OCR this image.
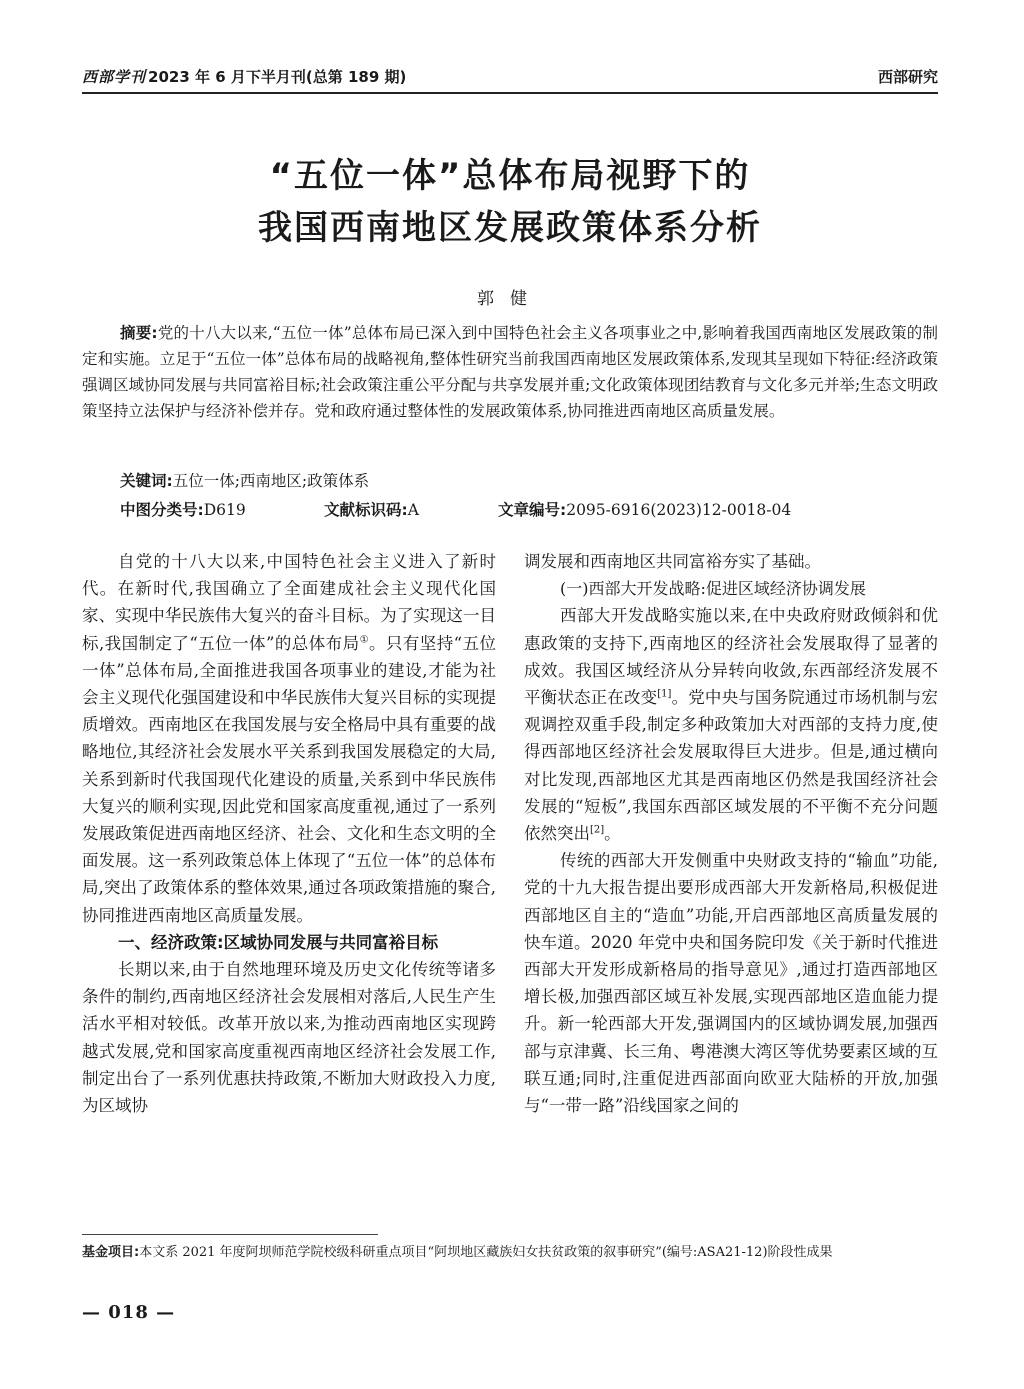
西部学刊 2023 年 6 月下半月刊(总第 189 期)	西部研究
“五位一体”总体布局视野下的
我国西南地区发展政策体系分析
郭健

摘要:党的十八大以来,“五位一体”总体布局已深入到中国特色社会主义各项事业之中,影响着我国西南地区发展政策的制定和实施。立足于“五位一体”总体布局的战略视角,整体性研究当前我国西南地区发展政策体系,发现其呈现如下特征:经济政策强调区域协同发展与共同富裕目标;社会政策注重公平分配与共享发展并重;文化政策体现团结教育与文化多元并举;生态文明政策坚持立法保护与经济补偿并存。党和政府通过整体性的发展政策体系,协同推进西南地区高质量发展。

关键词:五位一体;西南地区;政策体系
中图分类号:D619	文献标识码:A	文章编号:2095-6916(2023)12-0018-04

自党的十八大以来,中国特色社会主义进入了新时代。在新时代,我国确立了全面建成社会主义现代化国家、实现中华民族伟大复兴的奋斗目标。为了实现这一目标,我国制定了“五位一体”的总体布局①。只有坚持“五位一体”总体布局,全面推进我国各项事业的建设,才能为社会主义现代化强国建设和中华民族伟大复兴目标的实现提质增效。西南地区在我国发展与安全格局中具有重要的战略地位,其经济社会发展水平关系到我国发展稳定的大局,关系到新时代我国现代化建设的质量,关系到中华民族伟大复兴的顺利实现,因此党和国家高度重视,通过了一系列发展政策促进西南地区经济、社会、文化和生态文明的全面发展。这一系列政策总体上体现了“五位一体”的总体布局,突出了政策体系的整体效果,通过各项政策措施的聚合,协同推进西南地区高质量发展。

一、经济政策:区域协同发展与共同富裕目标

长期以来,由于自然地理环境及历史文化传统等诸多条件的制约,西南地区经济社会发展相对落后,人民生产生活水平相对较低。改革开放以来,为推动西南地区实现跨越式发展,党和国家高度重视西南地区经济社会发展工作,制定出台了一系列优惠扶持政策,不断加大财政投入力度,为区域协

调发展和西南地区共同富裕夯实了基础。

(一)西部大开发战略:促进区域经济协调发展

西部大开发战略实施以来,在中央政府财政倾斜和优惠政策的支持下,西南地区的经济社会发展取得了显著的成效。我国区域经济从分异转向收敛,东西部经济发展不平衡状态正在改变[1]。党中央与国务院通过市场机制与宏观调控双重手段,制定多种政策加大对西部的支持力度,使得西部地区经济社会发展取得巨大进步。但是,通过横向对比发现,西部地区尤其是西南地区仍然是我国经济社会发展的“短板”,我国东西部区域发展的不平衡不充分问题依然突出[2]。

传统的西部大开发侧重中央财政支持的“输血”功能,党的十九大报告提出要形成西部大开发新格局,积极促进西部地区自主的“造血”功能,开启西部地区高质量发展的快车道。2020 年党中央和国务院印发《关于新时代推进西部大开发形成新格局的指导意见》,通过打造西部地区增长极,加强西部区域互补发展,实现西部地区造血能力提升。新一轮西部大开发,强调国内的区域协调发展,加强西部与京津冀、长三角、粤港澳大湾区等优势要素区域的互联互通;同时,注重促进西部面向欧亚大陆桥的开放,加强与“一带一路”沿线国家之间的

基金项目:本文系 2021 年度阿坝师范学院校级科研重点项目“阿坝地区藏族妇女扶贫政策的叙事研究”(编号:ASA21-12)阶段性成果
— 018 —
